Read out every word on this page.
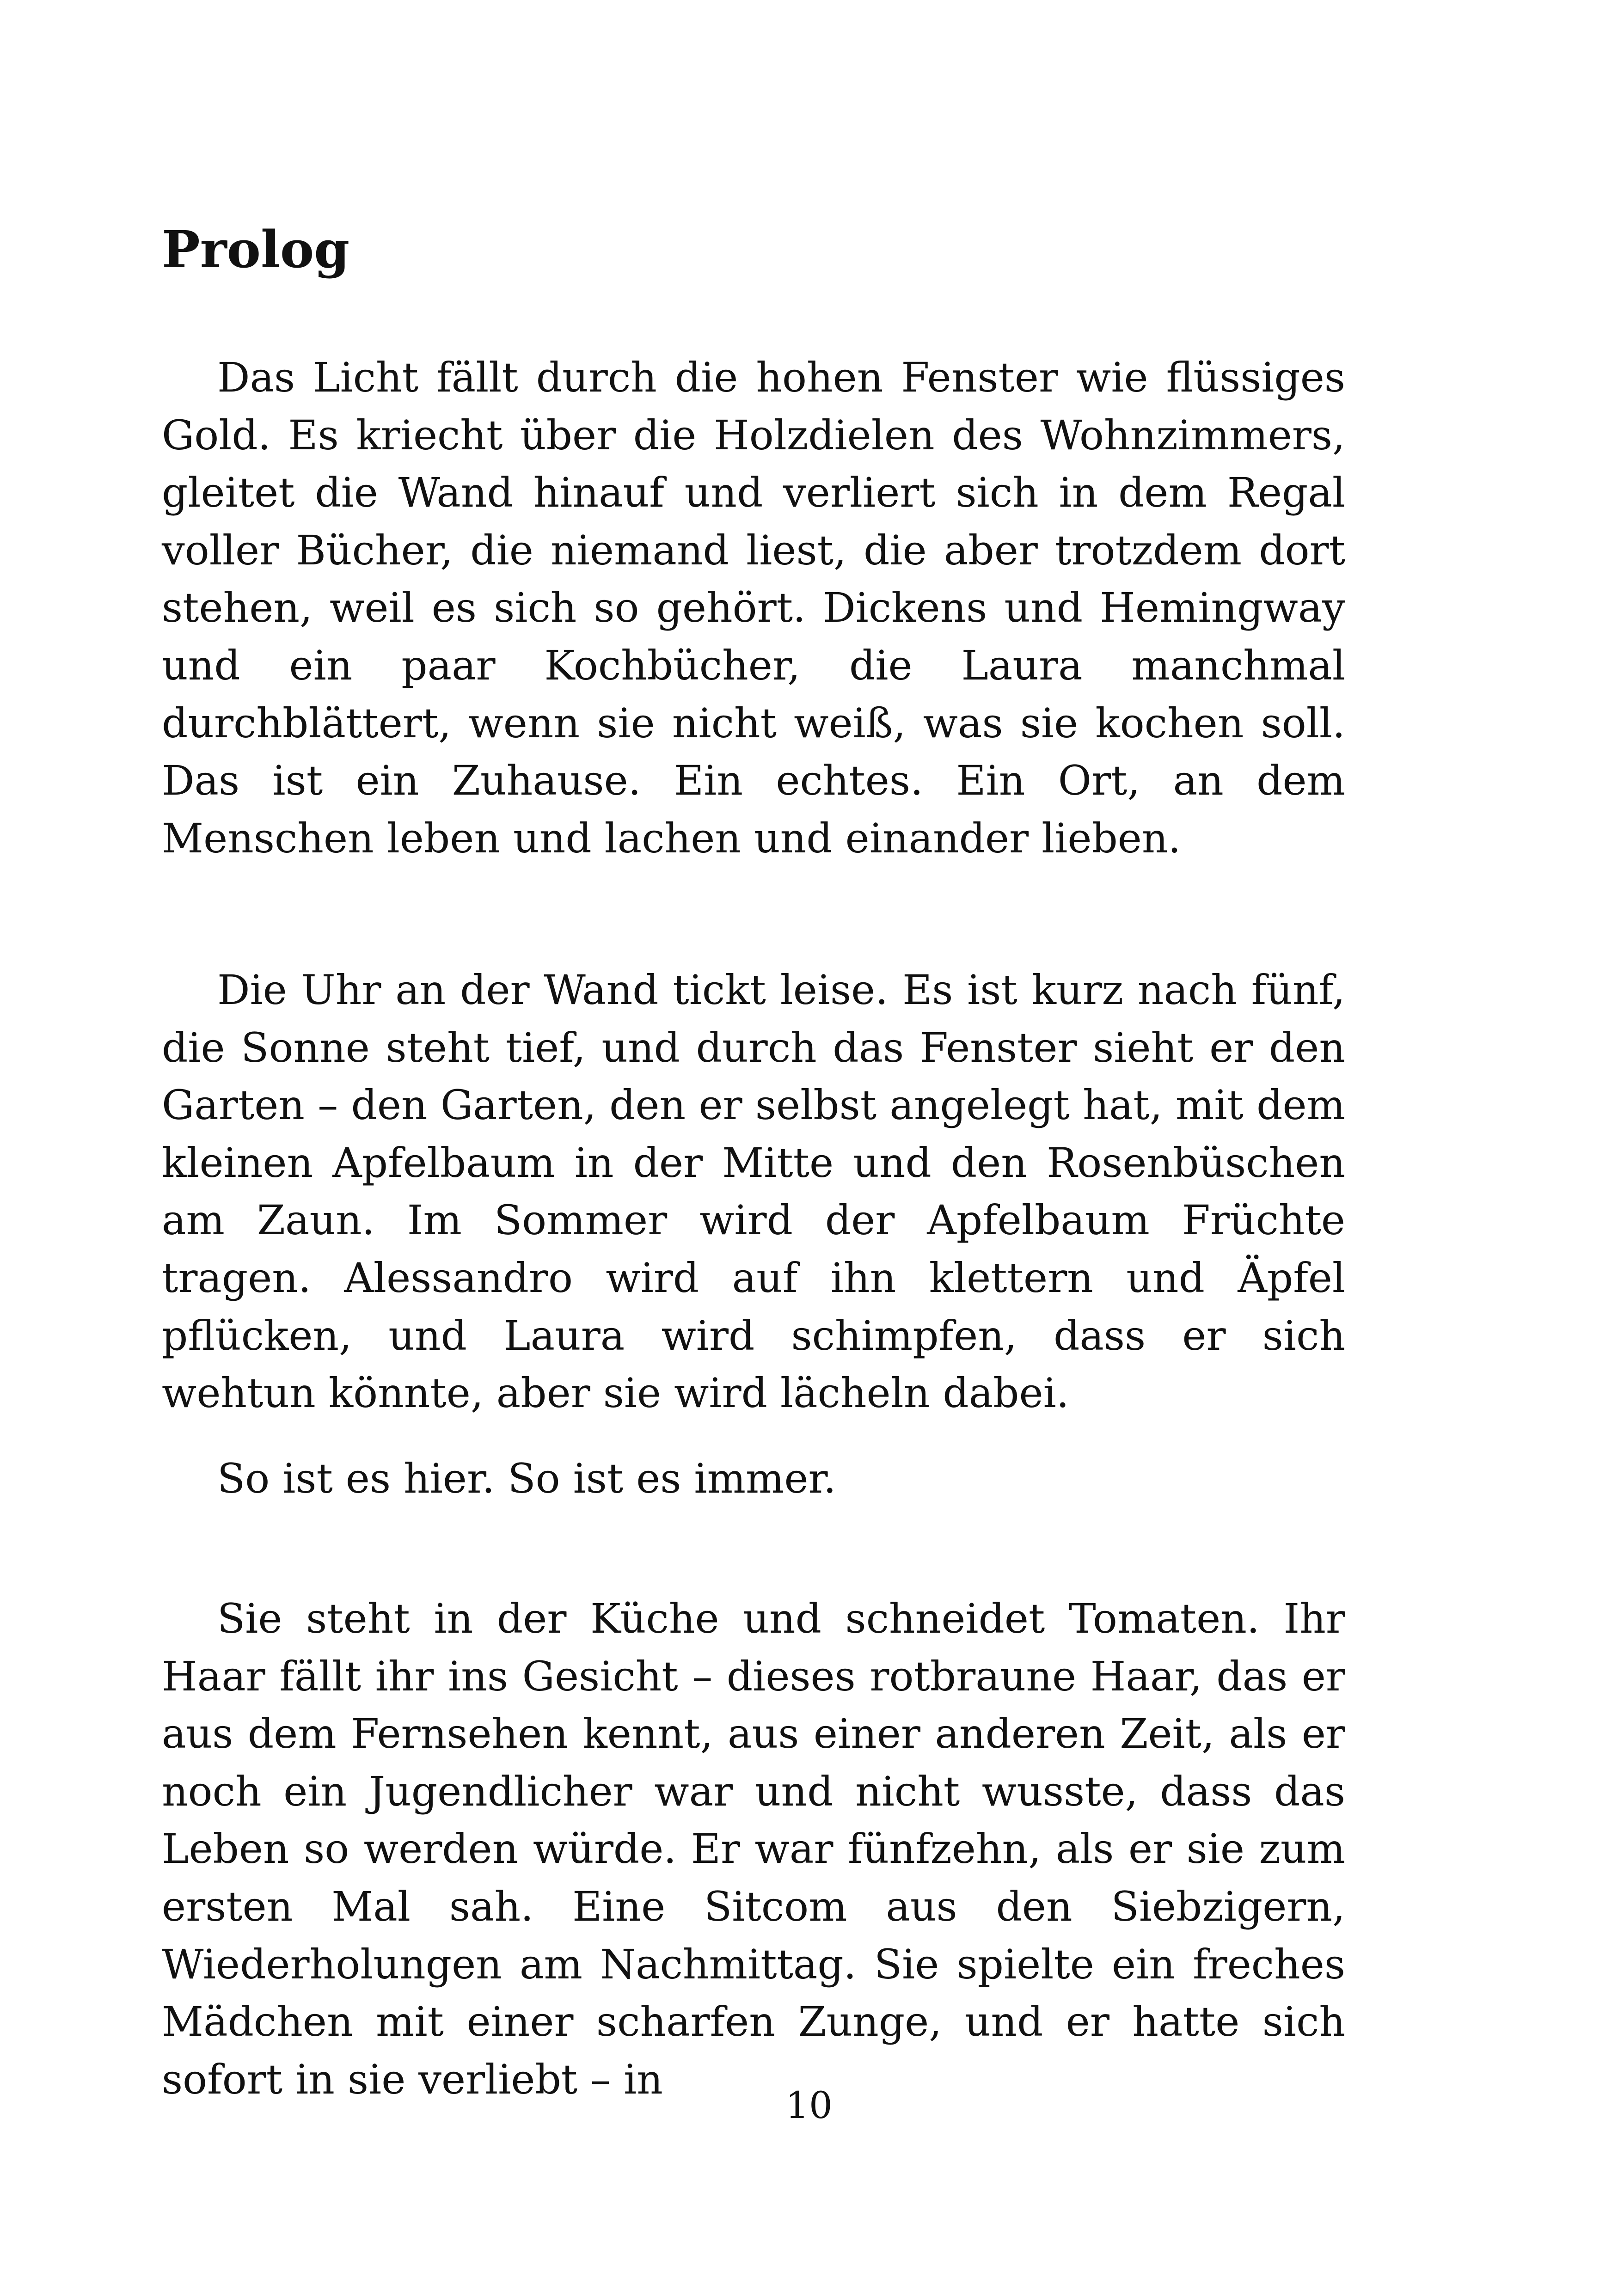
Prolog

Das Licht fällt durch die hohen Fenster wie flüssiges Gold. Es kriecht über die Holzdielen des Wohnzimmers, gleitet die Wand hinauf und verliert sich in dem Regal voller Bücher, die niemand liest, die aber trotzdem dort stehen, weil es sich so gehört. Dickens und Hemingway und ein paar Kochbücher, die Laura manchmal durchblättert, wenn sie nicht weiß, was sie kochen soll. Das ist ein Zuhause. Ein echtes. Ein Ort, an dem Menschen leben und lachen und einander lieben.

Die Uhr an der Wand tickt leise. Es ist kurz nach fünf, die Sonne steht tief, und durch das Fenster sieht er den Garten – den Garten, den er selbst angelegt hat, mit dem kleinen Apfelbaum in der Mitte und den Rosenbüschen am Zaun. Im Sommer wird der Apfelbaum Früchte tragen. Alessandro wird auf ihn klettern und Äpfel pflücken, und Laura wird schimpfen, dass er sich wehtun könnte, aber sie wird lächeln dabei.

So ist es hier. So ist es immer.

Sie steht in der Küche und schneidet Tomaten. Ihr Haar fällt ihr ins Gesicht – dieses rotbraune Haar, das er aus dem Fernsehen kennt, aus einer anderen Zeit, als er noch ein Jugendlicher war und nicht wusste, dass das Leben so werden würde. Er war fünfzehn, als er sie zum ersten Mal sah. Eine Sitcom aus den Siebzigern, Wiederholungen am Nachmittag. Sie spielte ein freches Mädchen mit einer scharfen Zunge, und er hatte sich sofort in sie verliebt – in

10
